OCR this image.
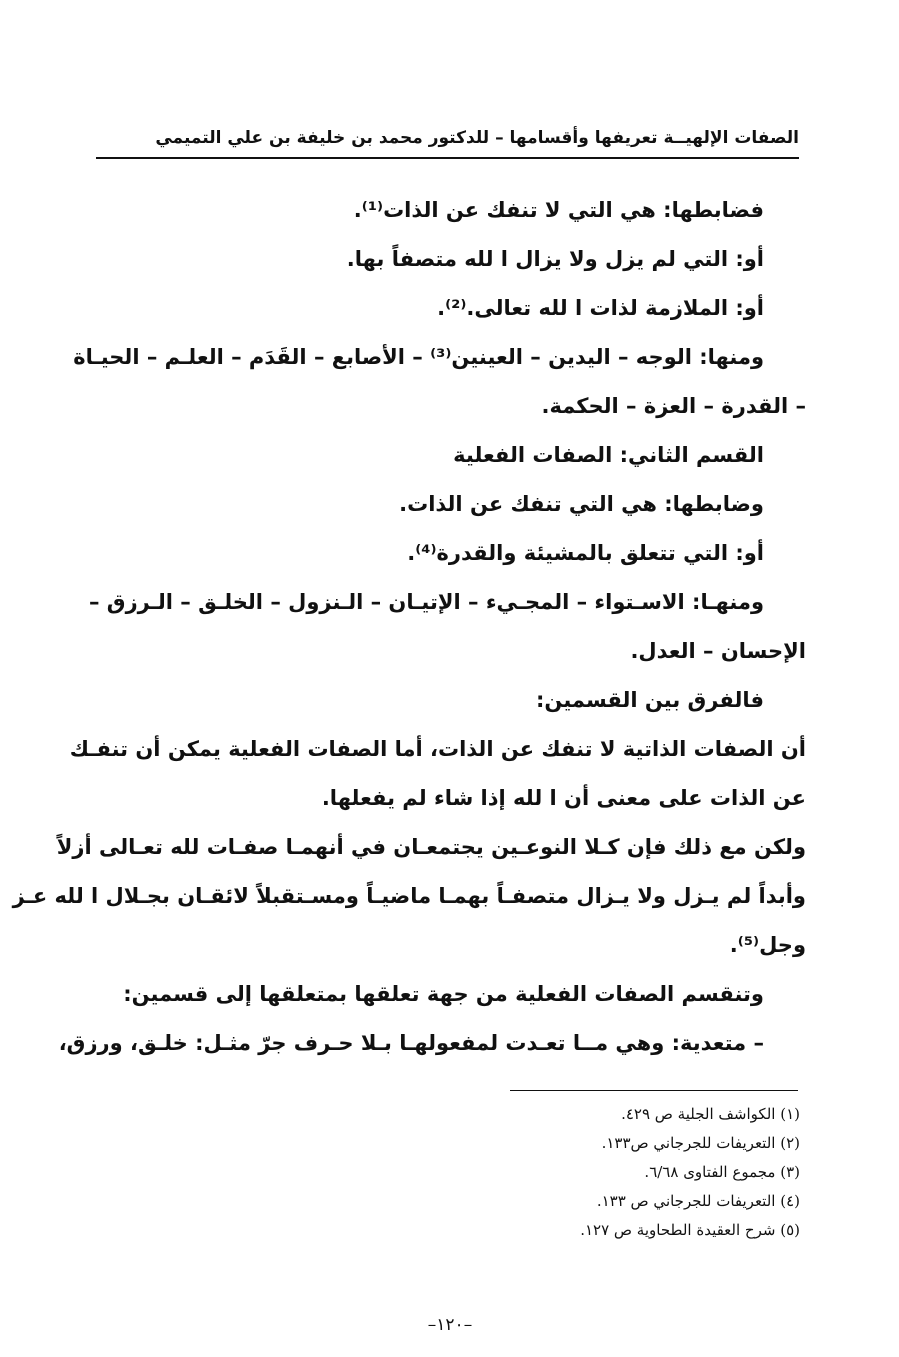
الصفات الإلهيــة تعريفها وأقسامها – للدكتور محمد بن خليفة بن علي التميمي

فضابطها: هي التي لا تنفك عن الذات⁽¹⁾.

أو: التي لم يزل ولا يزال ا لله متصفاً بها.

أو: الملازمة لذات ا لله تعالى.⁽²⁾.

ومنها: الوجه – اليدين – العينين⁽³⁾ – الأصابع – القَدَم – العلـم – الحيـاة

– القدرة – العزة – الحكمة.

القسم الثاني: الصفات الفعلية

وضابطها: هي التي تنفك عن الذات.

أو: التي تتعلق بالمشيئة والقدرة⁽⁴⁾.

ومنهـا: الاسـتواء – المجـيء – الإتيـان – الـنزول – الخلـق – الـرزق –

الإحسان – العدل.

فالفرق بين القسمين:

أن الصفات الذاتية لا تنفك عن الذات، أما الصفات الفعلية يمكن أن تنفـك

عن الذات على معنى أن ا لله إذا شاء لم يفعلها.

ولكن مع ذلك فإن كـلا النوعـين يجتمعـان في أنهمـا صفـات لله تعـالى أزلاً

وأبداً لم يـزل ولا يـزال متصفـاً بهمـا ماضيـاً ومسـتقبلاً لائقـان بجـلال ا لله عـز

وجل⁽⁵⁾.

وتنقسم الصفات الفعلية من جهة تعلقها بمتعلقها إلى قسمين:

– متعدية: وهي مــا تعـدت لمفعولهـا بـلا حـرف جرّ مثـل: خلـق، ورزق،

(١) الكواشف الجلية ص ٤٢٩.
(٢) التعريفات للجرجاني ص١٣٣.
(٣) مجموع الفتاوى ٦/٦٨.
(٤) التعريفات للجرجاني ص ١٣٣.
(٥) شرح العقيدة الطحاوية ص ١٢٧.
–١٢٠–
